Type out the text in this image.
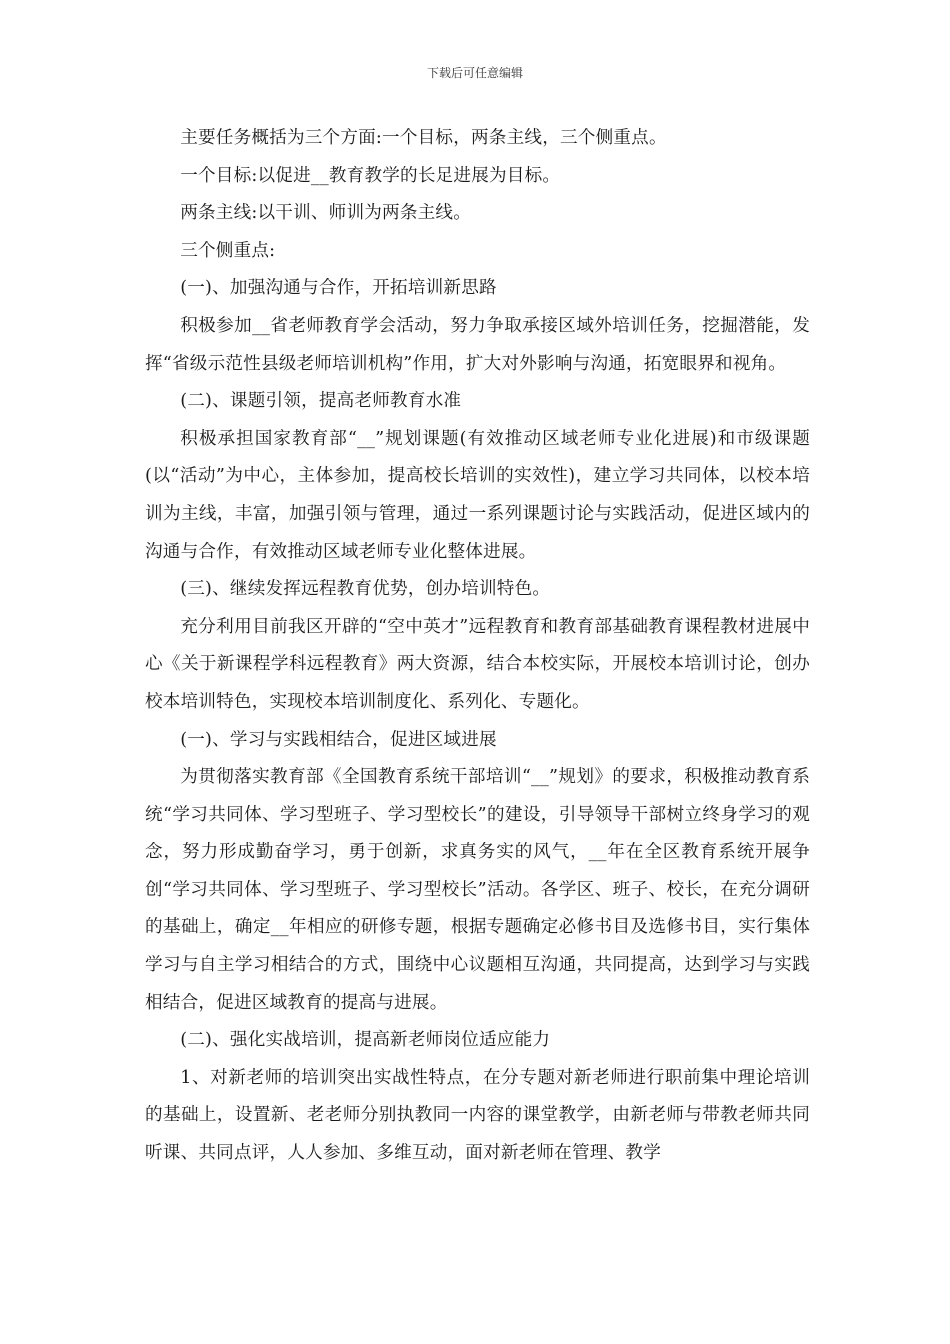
下载后可任意编辑

主要任务概括为三个方面:一个目标，两条主线，三个侧重点。

一个目标:以促进__教育教学的长足进展为目标。

两条主线:以干训、师训为两条主线。

三个侧重点:

(一)、加强沟通与合作，开拓培训新思路

积极参加__省老师教育学会活动，努力争取承接区域外培训任务，挖掘潜能，发挥“省级示范性县级老师培训机构”作用，扩大对外影响与沟通，拓宽眼界和视角。

(二)、课题引领，提高老师教育水准

积极承担国家教育部“__”规划课题(有效推动区域老师专业化进展)和市级课题(以“活动”为中心，主体参加，提高校长培训的实效性)，建立学习共同体，以校本培训为主线，丰富，加强引领与管理，通过一系列课题讨论与实践活动，促进区域内的沟通与合作，有效推动区域老师专业化整体进展。

(三)、继续发挥远程教育优势，创办培训特色。

充分利用目前我区开辟的“空中英才”远程教育和教育部基础教育课程教材进展中心《关于新课程学科远程教育》两大资源，结合本校实际，开展校本培训讨论，创办校本培训特色，实现校本培训制度化、系列化、专题化。

(一)、学习与实践相结合，促进区域进展

为贯彻落实教育部《全国教育系统干部培训“__”规划》的要求，积极推动教育系统“学习共同体、学习型班子、学习型校长”的建设，引导领导干部树立终身学习的观念，努力形成勤奋学习，勇于创新，求真务实的风气，__年在全区教育系统开展争创“学习共同体、学习型班子、学习型校长”活动。各学区、班子、校长，在充分调研的基础上，确定__年相应的研修专题，根据专题确定必修书目及选修书目，实行集体学习与自主学习相结合的方式，围绕中心议题相互沟通，共同提高，达到学习与实践相结合，促进区域教育的提高与进展。

(二)、强化实战培训，提高新老师岗位适应能力

1、对新老师的培训突出实战性特点，在分专题对新老师进行职前集中理论培训的基础上，设置新、老老师分别执教同一内容的课堂教学，由新老师与带教老师共同听课、共同点评，人人参加、多维互动，面对新老师在管理、教学
